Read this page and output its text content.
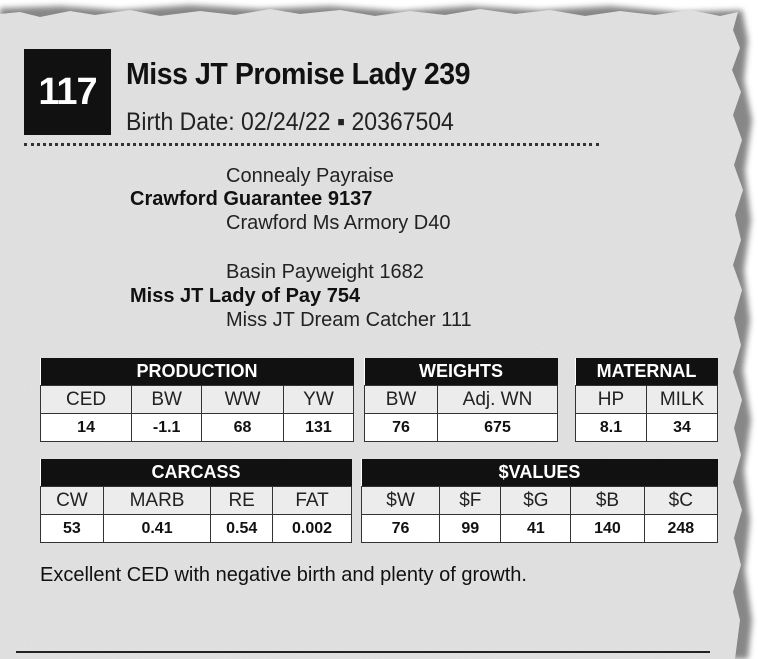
117 Miss JT Promise Lady 239
Birth Date: 02/24/22 ▪ 20367504
Connealy Payraise
Crawford Guarantee 9137
Crawford Ms Armory D40
Basin Payweight 1682
Miss JT Lady of Pay 754
Miss JT Dream Catcher 111
PRODUCTION			
CED	BW	WW	YW
14	-1.1	68	131
WEIGHTS	
BW	Adj. WN
76	675
MATERNAL	
HP	MILK
8.1	34
CARCASS			
CW	MARB	RE	FAT
53	0.41	0.54	0.002
$VALUES				
$W	$F	$G	$B	$C
76	99	41	140	248
Excellent CED with negative birth and plenty of growth.
